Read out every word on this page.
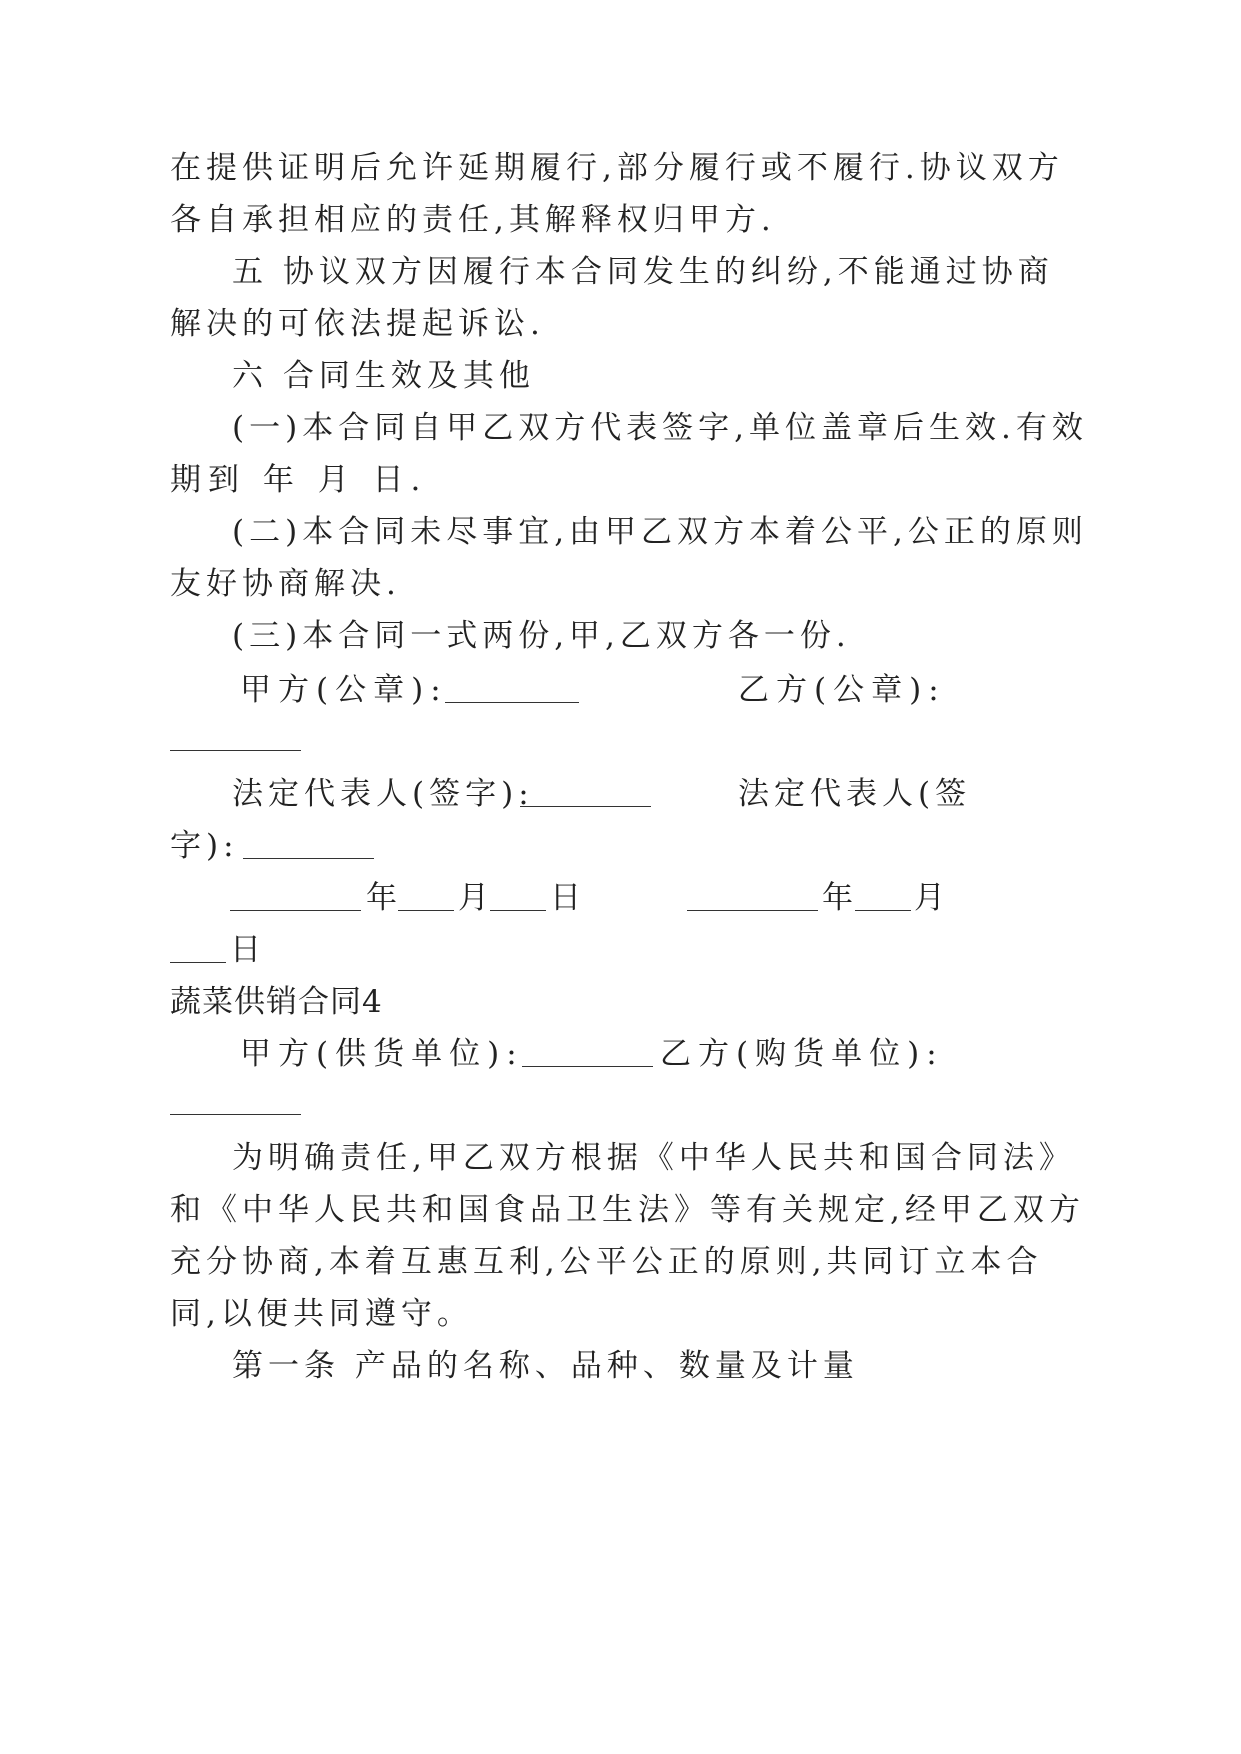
在提供证明后允许延期履行,部分履行或不履行.协议双方
各自承担相应的责任,其解释权归甲方.
五 协议双方因履行本合同发生的纠纷,不能通过协商
解决的可依法提起诉讼.
六 合同生效及其他
(一)本合同自甲乙双方代表签字,单位盖章后生效.有效
期到 年 月 日.
(二)本合同未尽事宜,由甲乙双方本着公平,公正的原则
友好协商解决.
(三)本合同一式两份,甲,乙双方各一份.
甲方(公章):	乙方(公章):
法定代表人(签字):	法定代表人(签
字):
年 月 日	年 月
日
蔬菜供销合同4
甲方(供货单位):	乙方(购货单位):
为明确责任,甲乙双方根据《中华人民共和国合同法》
和《中华人民共和国食品卫生法》等有关规定,经甲乙双方
充分协商,本着互惠互利,公平公正的原则,共同订立本合
同,以便共同遵守。
第一条 产品的名称、品种、数量及计量
